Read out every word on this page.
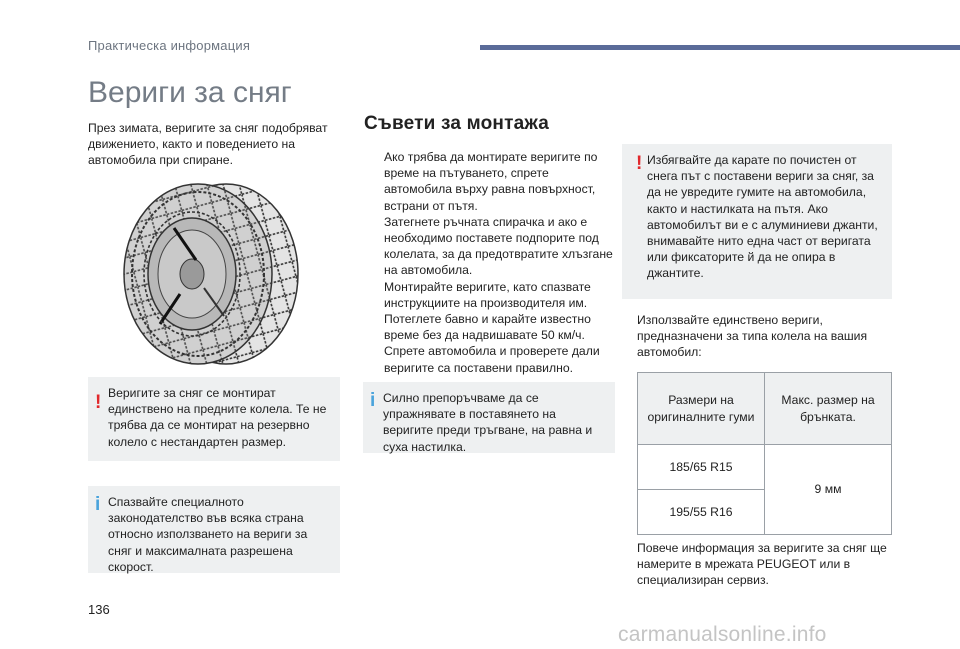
Практическа информация
Вериги за сняг

През зимата, веригите за сняг подобряват движението, както и поведението на автомобила при спиране.

! Веригите за сняг се монтират единствено на предните колела. Те не трябва да се монтират на резервно колело с нестандартен размер.

i Спазвайте специалното законодателство във всяка страна относно използването на вериги за сняг и максималната разрешена скорост.

Съвети за монтажа
Ако трябва да монтирате веригите по време на пътуването, спрете автомобила върху равна повърхност, встрани от пътя.
Затегнете ръчната спирачка и ако е необходимо поставете подпорите под колелата, за да предотвратите хлъзгане на автомобила.
Монтирайте веригите, като спазвате инструкциите на производителя им.
Потеглете бавно и карайте известно време без да надвишавате 50 км/ч.
Спрете автомобила и проверете дали веригите са поставени правилно.
i Силно препоръчваме да се упражнявате в поставянето на веригите преди тръгване, на равна и суха настилка.

! Избягвайте да карате по почистен от снега път с поставени вериги за сняг, за да не увредите гумите на автомобила, както и настилката на пътя. Ако автомобилът ви е с алуминиеви джанти, внимавайте нито една част от веригата или фиксаторите й да не опира в джантите.

Използвайте единствено вериги, предназначени за типа колела на вашия автомобил:

Размери на оригиналните гуми	Макс. размер на брънката.
185/65 R15	9 мм
195/55 R16	

Повече информация за веригите за сняг ще намерите в мрежата PEUGEOT или в специализиран сервиз.

136
carmanualsonline.info
